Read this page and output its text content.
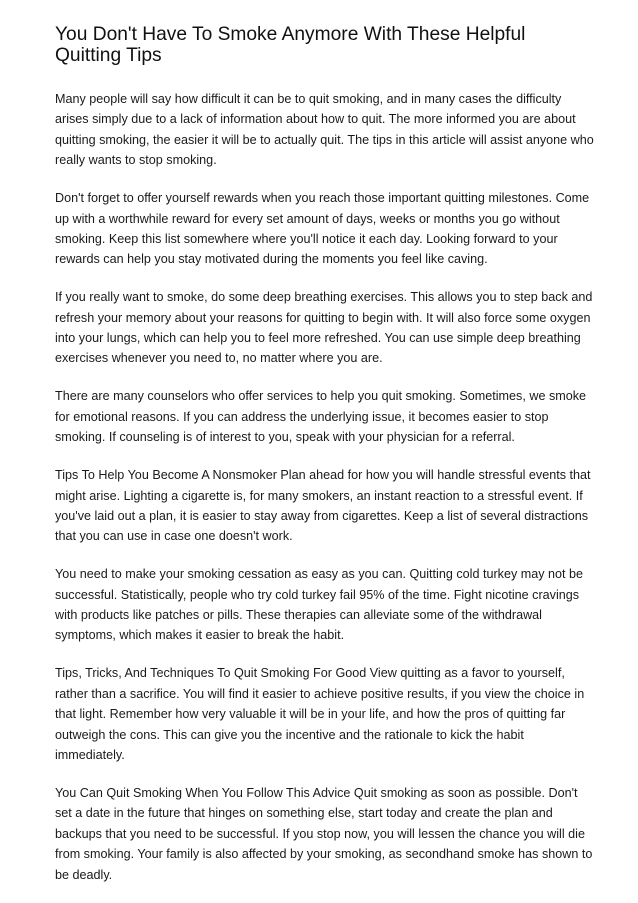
You Don't Have To Smoke Anymore With These Helpful Quitting Tips

Many people will say how difficult it can be to quit smoking, and in many cases the difficulty arises simply due to a lack of information about how to quit. The more informed you are about quitting smoking, the easier it will be to actually quit. The tips in this article will assist anyone who really wants to stop smoking.

Don't forget to offer yourself rewards when you reach those important quitting milestones. Come up with a worthwhile reward for every set amount of days, weeks or months you go without smoking. Keep this list somewhere where you'll notice it each day. Looking forward to your rewards can help you stay motivated during the moments you feel like caving.

If you really want to smoke, do some deep breathing exercises. This allows you to step back and refresh your memory about your reasons for quitting to begin with. It will also force some oxygen into your lungs, which can help you to feel more refreshed. You can use simple deep breathing exercises whenever you need to, no matter where you are.

There are many counselors who offer services to help you quit smoking. Sometimes, we smoke for emotional reasons. If you can address the underlying issue, it becomes easier to stop smoking. If counseling is of interest to you, speak with your physician for a referral.

Tips To Help You Become A Nonsmoker Plan ahead for how you will handle stressful events that might arise. Lighting a cigarette is, for many smokers, an instant reaction to a stressful event. If you've laid out a plan, it is easier to stay away from cigarettes. Keep a list of several distractions that you can use in case one doesn't work.

You need to make your smoking cessation as easy as you can. Quitting cold turkey may not be successful. Statistically, people who try cold turkey fail 95% of the time. Fight nicotine cravings with products like patches or pills. These therapies can alleviate some of the withdrawal symptoms, which makes it easier to break the habit.

Tips, Tricks, And Techniques To Quit Smoking For Good View quitting as a favor to yourself, rather than a sacrifice. You will find it easier to achieve positive results, if you view the choice in that light. Remember how very valuable it will be in your life, and how the pros of quitting far outweigh the cons. This can give you the incentive and the rationale to kick the habit immediately.

You Can Quit Smoking When You Follow This Advice Quit smoking as soon as possible. Don't set a date in the future that hinges on something else, start today and create the plan and backups that you need to be successful. If you stop now, you will lessen the chance you will die from smoking. Your family is also affected by your smoking, as secondhand smoke has shown to be deadly.
